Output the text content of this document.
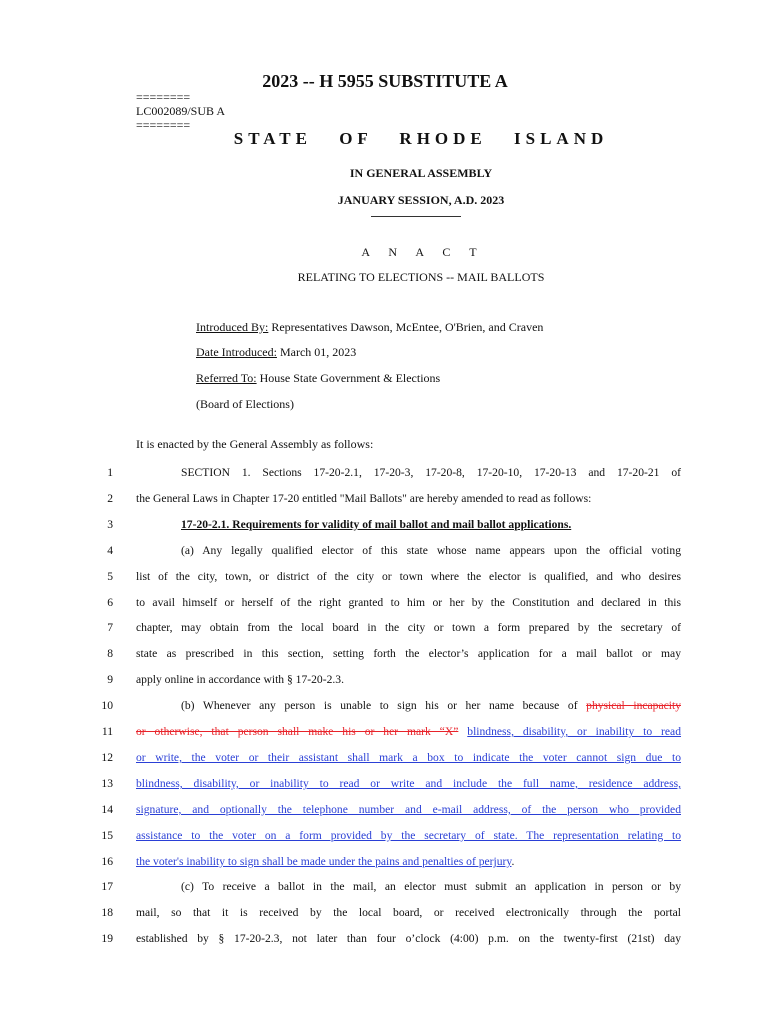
2023 -- H 5955 SUBSTITUTE A
========
LC002089/SUB A
========
STATE OF RHODE ISLAND
IN GENERAL ASSEMBLY
JANUARY SESSION, A.D. 2023
A N A C T
RELATING TO ELECTIONS -- MAIL BALLOTS
Introduced By: Representatives Dawson, McEntee, O'Brien, and Craven
Date Introduced: March 01, 2023
Referred To: House State Government & Elections
(Board of Elections)
It is enacted by the General Assembly as follows:
1	SECTION 1. Sections 17-20-2.1, 17-20-3, 17-20-8, 17-20-10, 17-20-13 and 17-20-21 of
2 the General Laws in Chapter 17-20 entitled "Mail Ballots" are hereby amended to read as follows:
3	17-20-2.1. Requirements for validity of mail ballot and mail ballot applications.
4	(a) Any legally qualified elector of this state whose name appears upon the official voting
5 list of the city, town, or district of the city or town where the elector is qualified, and who desires
6 to avail himself or herself of the right granted to him or her by the Constitution and declared in this
7 chapter, may obtain from the local board in the city or town a form prepared by the secretary of
8 state as prescribed in this section, setting forth the elector’s application for a mail ballot or may
9 apply online in accordance with § 17-20-2.3.
10	(b) Whenever any person is unable to sign his or her name because of physical incapacity
11 or otherwise, that person shall make his or her mark “X” blindness, disability, or inability to read
12 or write, the voter or their assistant shall mark a box to indicate the voter cannot sign due to
13 blindness, disability, or inability to read or write and include the full name, residence address,
14 signature, and optionally the telephone number and e-mail address, of the person who provided
15 assistance to the voter on a form provided by the secretary of state. The representation relating to
16 the voter's inability to sign shall be made under the pains and penalties of perjury.
17	(c) To receive a ballot in the mail, an elector must submit an application in person or by
18 mail, so that it is received by the local board, or received electronically through the portal
19 established by § 17-20-2.3, not later than four o’clock (4:00) p.m. on the twenty-first (21st) day
